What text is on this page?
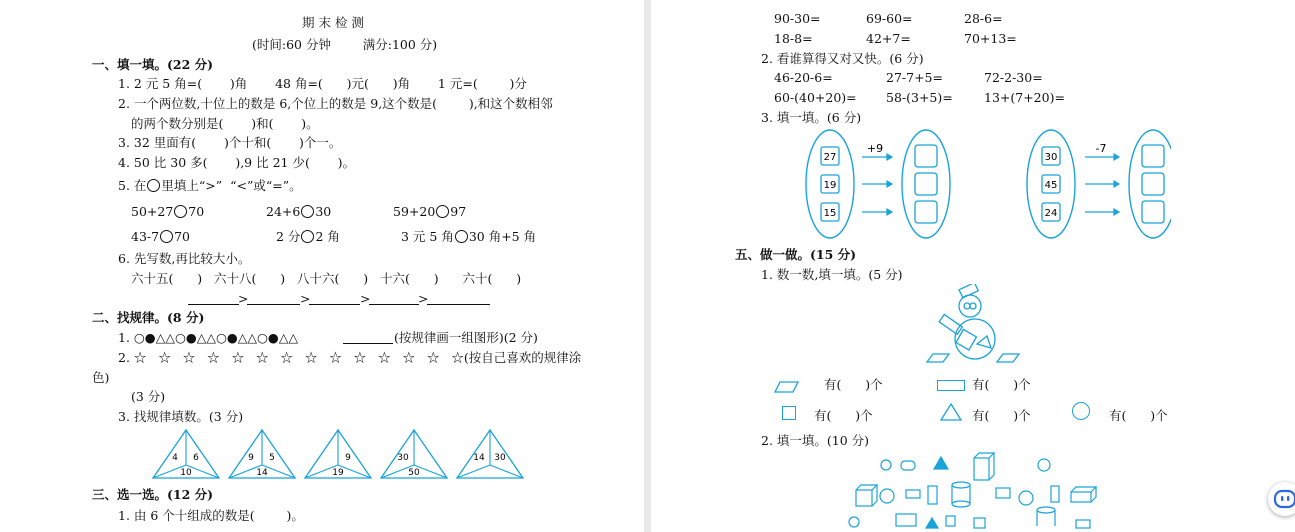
期 末 检 测
(时间:60 分钟        满分:100 分)
一、填一填。(22 分)
1. 2 元 5 角=(       )角       48 角=(      )元(      )角       1 元=(        )分
2. 一个两位数,十位上的数是 6,个位上的数是 9,这个数是(        ),和这个数相邻
的两个数分别是(       )和(       )。
3. 32 里面有(       )个十和(       )个一。
4. 50 比 30 多(       ),9 比 21 少(       )。
5. 在 里填上“>”  “<”或“=”。
50+27 70	24+6 30	59+20 97
43-7 70	2 分 2 角	3 元 5 角 30 角+5 角
6. 先写数,再比较大小。
六十五(      )   六十八(      )   八十六(      )   十六(      )      六十(      )
>	>	>	>
二、找规律。(8 分)
1. ○●△△○●△△○●△△○●△△	(按规律画一组图形)(2 分)
2. ☆   ☆   ☆   ☆   ☆   ☆   ☆   ☆   ☆   ☆   ☆   ☆   ☆   ☆(按自己喜欢的规律涂
色)
(3 分)
3. 找规律填数。(3 分)
4 6
10
9 5
14
9
19
30
50
14 30
三、选一选。(12 分)
1. 由 6 个十组成的数是(        )。
90-30=	69-60=	28-6=
18-8=	42+7=	70+13=
2. 看谁算得又对又快。(6 分)
46-20-6=	27-7+5=	72-2-30=
60-(40+20)= 58-(3+5)=	13+(7+20)=
3. 填一填。(6 分)
27
19
15
+9
30
45
24
-7
五、做一做。(15 分)
1. 数一数,填一填。(5 分)
有(      )个	有(      )个
有(      )个	有(      )个	有(      )个
2. 填一填。(10 分)
